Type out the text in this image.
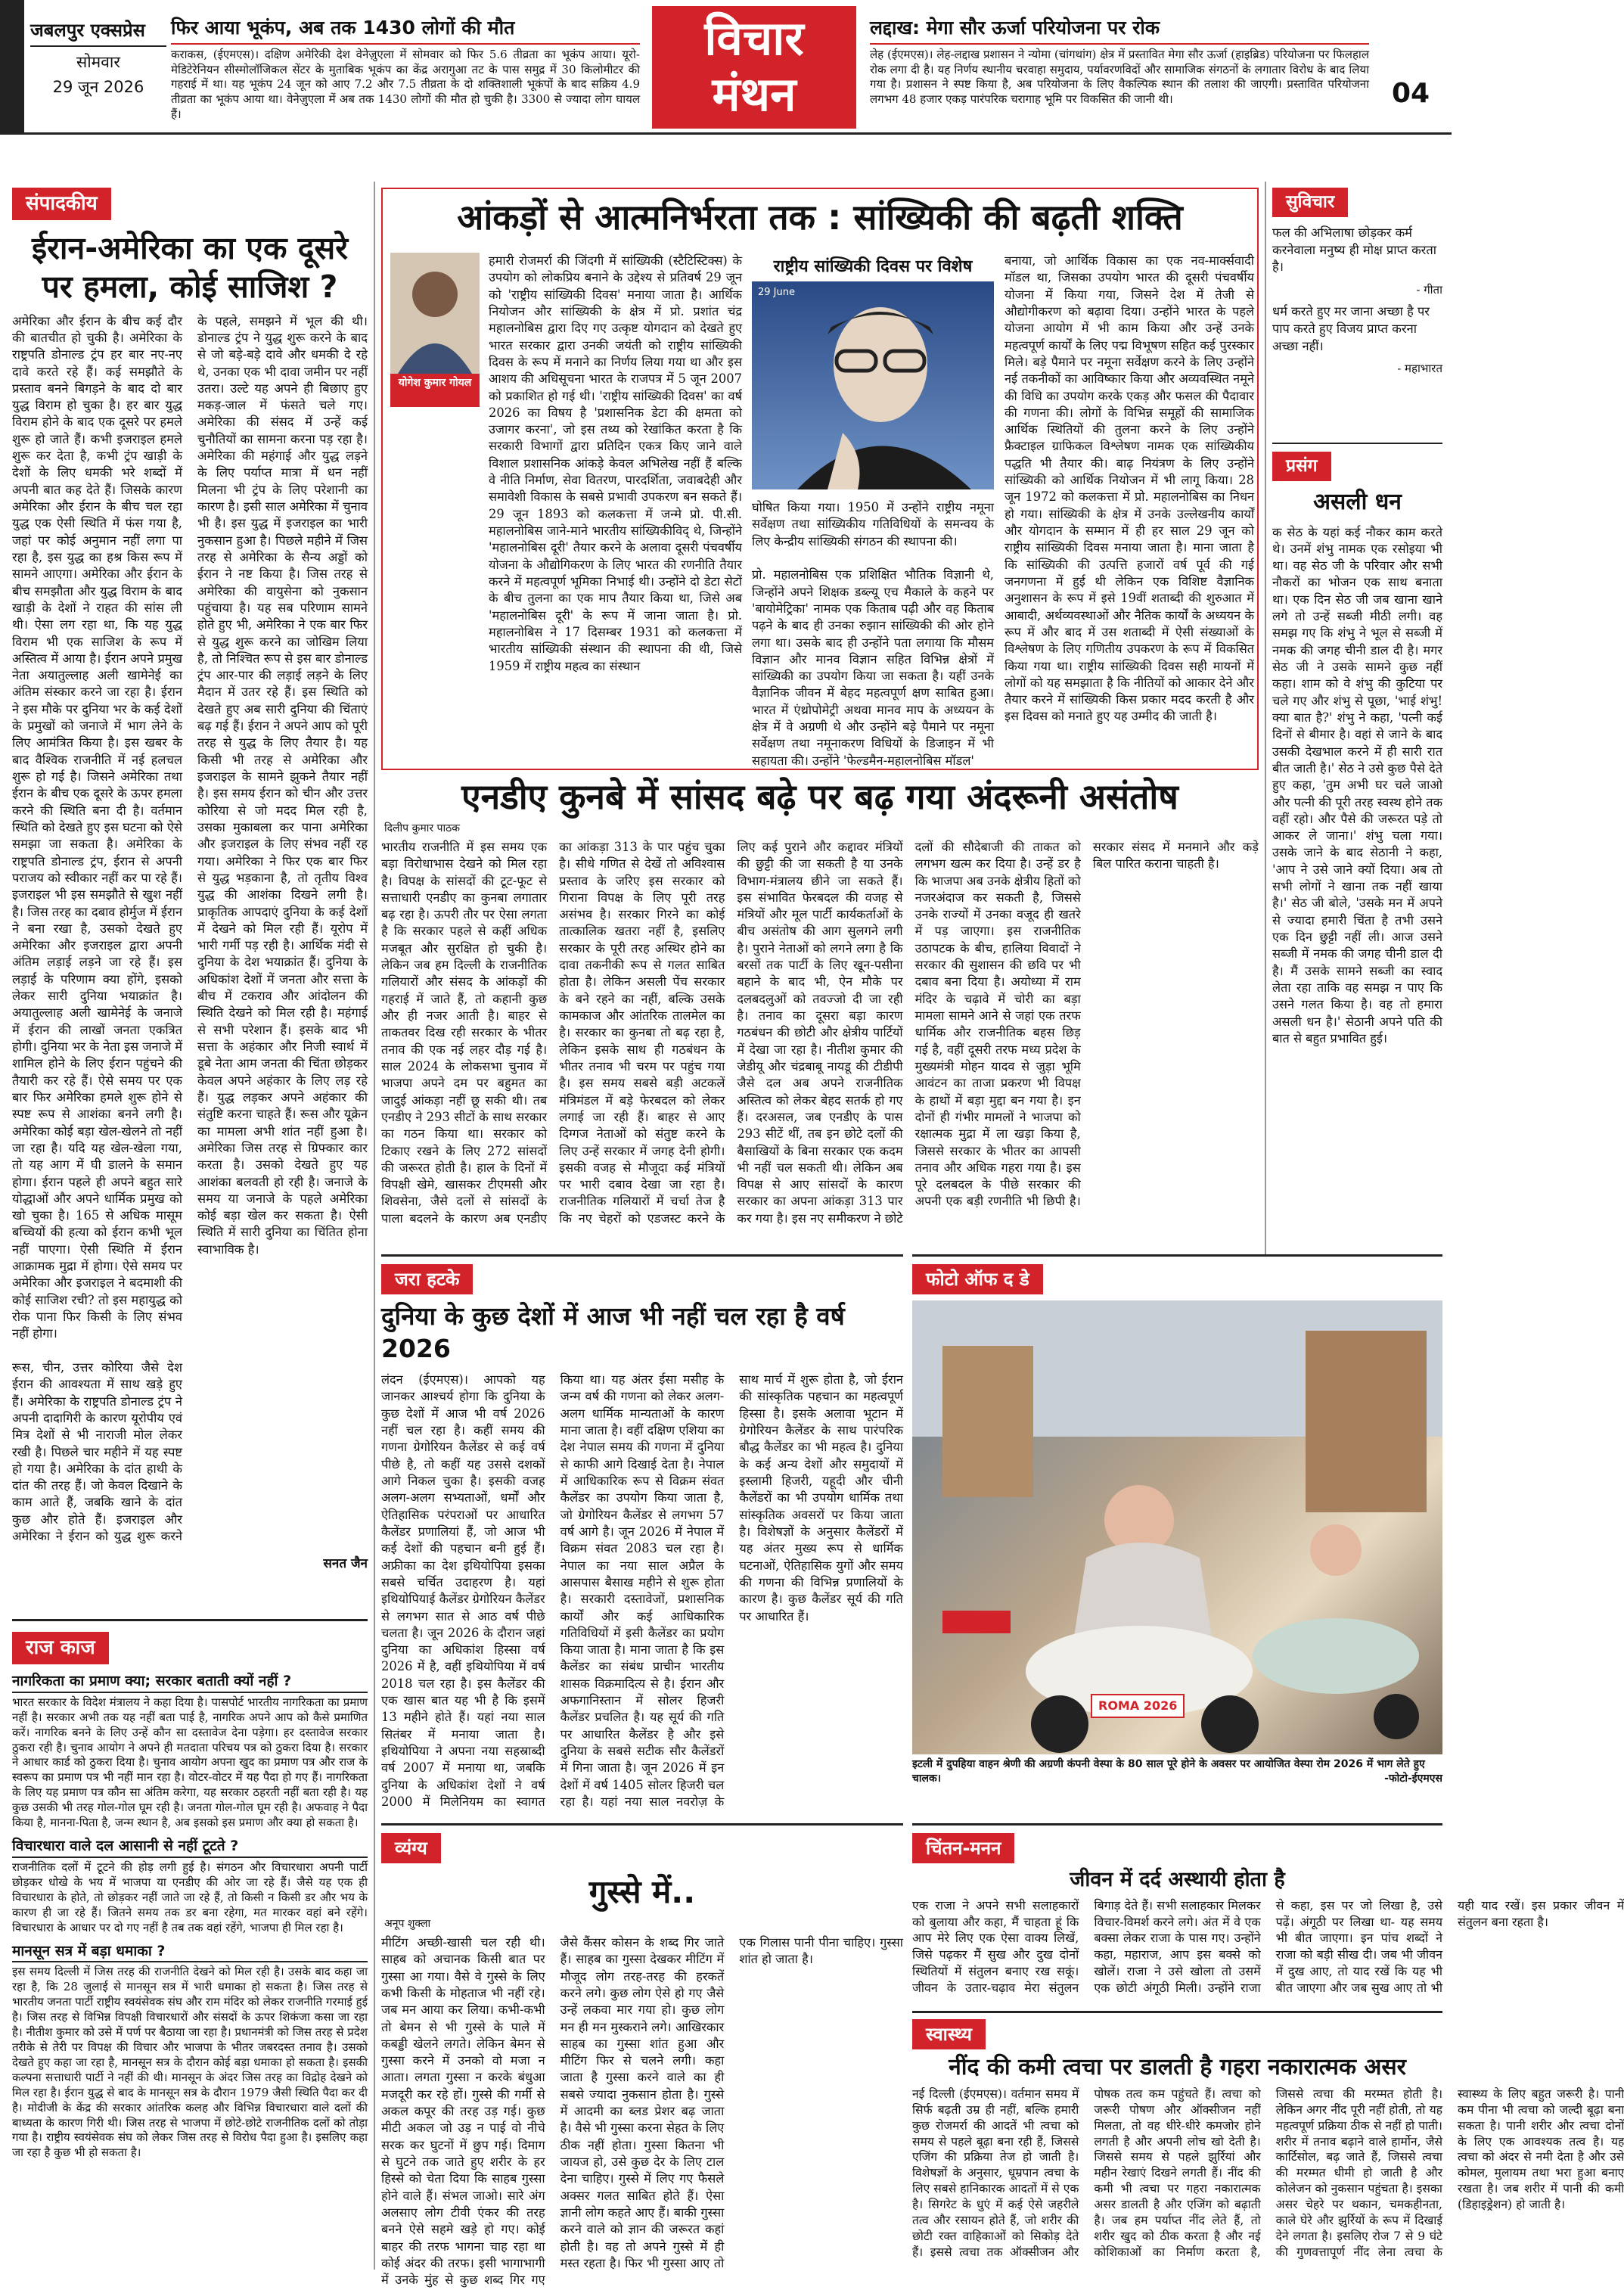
जबलपुर एक्सप्रेस
सोमवार
29 जून 2026
फिर आया भूकंप, अब तक 1430 लोगों की मौत
कराकस, (ईएमएस)। दक्षिण अमेरिकी देश वेनेज़ुएला में सोमवार को फिर 5.6 तीव्रता का भूकंप आया। यूरो-मेडिटेरेनियन सीस्मोलॉजिकल सेंटर के मुताबिक भूकंप का केंद्र अरागुआ तट के पास समुद्र में 30 किलोमीटर की गहराई में था। यह भूकंप 24 जून को आए 7.2 और 7.5 तीव्रता के दो शक्तिशाली भूकंपों के बाद सक्रिय 4.9 तीव्रता का भूकंप आया था। वेनेज़ुएला में अब तक 1430 लोगों की मौत हो चुकी है। 3300 से ज्यादा लोग घायल हैं।
विचार
मंथन
लद्दाख: मेगा सौर ऊर्जा परियोजना पर रोक
लेह (ईएमएस)। लेह-लद्दाख प्रशासन ने न्योमा (चांगथांग) क्षेत्र में प्रस्तावित मेगा सौर ऊर्जा (हाइब्रिड) परियोजना पर फिलहाल रोक लगा दी है। यह निर्णय स्थानीय चरवाहा समुदाय, पर्यावरणविदों और सामाजिक संगठनों के लगातार विरोध के बाद लिया गया है। प्रशासन ने स्पष्ट किया है, अब परियोजना के लिए वैकल्पिक स्थान की तलाश की जाएगी। प्रस्तावित परियोजना लगभग 48 हजार एकड़ पारंपरिक चरागाह भूमि पर विकसित की जानी थी।	04
संपादकीय
ईरान-अमेरिका का एक दूसरे पर हमला, कोई साजिश ?
अमेरिका और ईरान के बीच कई दौर की बातचीत हो चुकी है। अमेरिका के राष्ट्रपति डोनाल्ड ट्रंप हर बार नए-नए दावे करते रहे हैं। कई समझौते के प्रस्ताव बनने बिगड़ने के बाद दो बार युद्ध विराम हो चुका है। हर बार युद्ध विराम होने के बाद एक दूसरे पर हमले शुरू हो जाते हैं। कभी इजराइल हमले शुरू कर देता है, कभी ट्रंप खाड़ी के देशों के लिए धमकी भरे शब्दों में अपनी बात कह देते हैं। जिसके कारण अमेरिका और ईरान के बीच चल रहा युद्ध एक ऐसी स्थिति में फंस गया है, जहां पर कोई अनुमान नहीं लगा पा रहा है, इस युद्ध का हश्र किस रूप में सामने आएगा। अमेरिका और ईरान के बीच समझौता और युद्ध विराम के बाद खाड़ी के देशों ने राहत की सांस ली थी। ऐसा लग रहा था, कि यह युद्ध विराम भी एक साजिश के रूप में अस्तित्व में आया है। ईरान अपने प्रमुख नेता अयातुल्लाह अली खामेनेई का अंतिम संस्कार करने जा रहा है। ईरान ने इस मौके पर दुनिया भर के कई देशों के प्रमुखों को जनाजे में भाग लेने के लिए आमंत्रित किया है। इस खबर के बाद वैश्विक राजनीति में नई हलचल शुरू हो गई है। जिसने अमेरिका तथा ईरान के बीच एक दूसरे के ऊपर हमला करने की स्थिति बना दी है। वर्तमान स्थिति को देखते हुए इस घटना को ऐसे समझा जा सकता है। अमेरिका के राष्ट्रपति डोनाल्ड ट्रंप, ईरान से अपनी पराजय को स्वीकार नहीं कर पा रहे हैं। इजराइल भी इस समझौते से खुश नहीं है। जिस तरह का दबाव होर्मुज में ईरान ने बना रखा है, उसको देखते हुए अमेरिका और इजराइल द्वारा अपनी अंतिम लड़ाई लड़ने जा रहे हैं। इस लड़ाई के परिणाम क्या होंगे, इसको लेकर सारी दुनिया भयाक्रांत है। अयातुल्लाह अली खामेनेई के जनाजे में ईरान की लाखों जनता एकत्रित होगी। दुनिया भर के नेता इस जनाजे में शामिल होने के लिए ईरान पहुंचने की तैयारी कर रहे हैं। ऐसे समय पर एक बार फिर अमेरिका हमले शुरू होने से स्पष्ट रूप से आशंका बनने लगी है। अमेरिका कोई बड़ा खेल-खेलने तो नहीं जा रहा है। यदि यह खेल-खेला गया, तो यह आग में घी डालने के समान होगा। ईरान पहले ही अपने बहुत सारे योद्धाओं और अपने धार्मिक प्रमुख को खो चुका है। 165 से अधिक मासूम बच्चियों की हत्या को ईरान कभी भूल नहीं पाएगा। ऐसी स्थिति में ईरान आक्रामक मुद्रा में होगा। ऐसे समय पर अमेरिका और इजराइल ने बदमाशी की कोई साजिश रची? तो इस महायुद्ध को रोक पाना फिर किसी के लिए संभव नहीं होगा।

रूस, चीन, उत्तर कोरिया जैसे देश ईरान की आवश्यता में साथ खड़े हुए हैं। अमेरिका के राष्ट्रपति डोनाल्ड ट्रंप ने अपनी दादागिरी के कारण यूरोपीय एवं मित्र देशों से भी नाराजी मोल लेकर रखी है। पिछले चार महीने में यह स्पष्ट हो गया है। अमेरिका के दांत हाथी के दांत की तरह हैं। जो केवल दिखाने के काम आते हैं, जबकि खाने के दांत कुछ और होते हैं। इजराइल और अमेरिका ने ईरान को युद्ध शुरू करने के पहले, समझने में भूल की थी। डोनाल्ड ट्रंप ने युद्ध शुरू करने के बाद से जो बड़े-बड़े दावे और धमकी दे रहे थे, उनका एक भी दावा जमीन पर नहीं उतरा। उल्टे यह अपने ही बिछाए हुए मकड़-जाल में फंसते चले गए। अमेरिका की संसद में उन्हें कई चुनौतियों का सामना करना पड़ रहा है। अमेरिका की महंगाई और युद्ध लड़ने के लिए पर्याप्त मात्रा में धन नहीं मिलना भी ट्रंप के लिए परेशानी का कारण है। इसी साल अमेरिका में चुनाव भी है। इस युद्ध में इजराइल का भारी नुकसान हुआ है। पिछले महीने में जिस तरह से अमेरिका के सैन्य अड्डों को ईरान ने नष्ट किया है। जिस तरह से अमेरिका की वायुसेना को नुकसान पहुंचाया है। यह सब परिणाम सामने होते हुए भी, अमेरिका ने एक बार फिर से युद्ध शुरू करने का जोखिम लिया है, तो निश्चित रूप से इस बार डोनाल्ड ट्रंप आर-पार की लड़ाई लड़ने के लिए मैदान में उतर रहे हैं। इस स्थिति को देखते हुए अब सारी दुनिया की चिंताएं बढ़ गई हैं। ईरान ने अपने आप को पूरी तरह से युद्ध के लिए तैयार है। यह किसी भी तरह से अमेरिका और इजराइल के सामने झुकने तैयार नहीं है। इस समय ईरान को चीन और उत्तर कोरिया से जो मदद मिल रही है, उसका मुकाबला कर पाना अमेरिका और इजराइल के लिए संभव नहीं रह गया। अमेरिका ने फिर एक बार फिर से युद्ध भड़काना है, तो तृतीय विश्व युद्ध की आशंका दिखने लगी है। प्राकृतिक आपदाएं दुनिया के कई देशों में देखने को मिल रही हैं। यूरोप में भारी गर्मी पड़ रही है। आर्थिक मंदी से दुनिया के देश भयाक्रांत हैं। दुनिया के अधिकांश देशों में जनता और सत्ता के बीच में टकराव और आंदोलन की स्थिति देखने को मिल रही है। महंगाई से सभी परेशान हैं। इसके बाद भी सत्ता के अहंकार और निजी स्वार्थ में डूबे नेता आम जनता की चिंता छोड़कर केवल अपने अहंकार के लिए लड़ रहे हैं। युद्ध लड़कर अपने अहंकार की संतुष्टि करना चाहते हैं। रूस और यूक्रेन का मामला अभी शांत नहीं हुआ है। अमेरिका जिस तरह से ग्रिफ्कार कार करता है। उसको देखते हुए यह आशंका बलवती हो रही है। जनाजे के समय या जनाजे के पहले अमेरिका कोई बड़ा खेल कर सकता है। ऐसी स्थिति में सारी दुनिया का चिंतित होना स्वाभाविक है।
सनत जैन
राज काज
नागरिकता का प्रमाण क्या; सरकार बताती क्यों नहीं ?
भारत सरकार के विदेश मंत्रालय ने कहा दिया है। पासपोर्ट भारतीय नागरिकता का प्रमाण नहीं है। सरकार अभी तक यह नहीं बता पाई है, नागरिक अपने आप को कैसे प्रमाणित करें। नागरिक बनने के लिए उन्हें कौन सा दस्तावेज देना पड़ेगा। हर दस्तावेज सरकार ठुकरा रही है। चुनाव आयोग ने अपने ही मतदाता परिचय पत्र को ठुकरा दिया है। सरकार ने आधार कार्ड को ठुकरा दिया है। चुनाव आयोग अपना खुद का प्रमाण पत्र और राज के स्वरूप का प्रमाण पत्र भी नहीं मान रहा है। वोटर-वोटर में यह पैदा हो गए हैं। नागरिकता के लिए यह प्रमाण पत्र कौन सा अंतिम करेगा, यह सरकार ठहरती नहीं बता रही है। यह कुछ उसकी भी तरह गोल-गोल घूम रही है। जनता गोल-गोल घूम रही है। अफवाह ने पैदा किया है, मानना-पिता है, जन्म स्थान है, अब इसको इस प्रमाण और क्या हो सकता है।
विचारधारा वाले दल आसानी से नहीं टूटते ?
राजनीतिक दलों में टूटने की होड़ लगी हुई है। संगठन और विचारधारा अपनी पार्टी छोड़कर धोखे के भय में भाजपा या एनडीए की ओर जा रहे हैं। जैसे यह एक ही विचारधारा के होते, तो छोड़कर नहीं जाते जा रहे हैं, तो किसी न किसी डर और भय के कारण ही जा रहे हैं। जितने समय तक डर बना रहेगा, मत मारकर वहां बने रहेंगे। विचारधारा के आधार पर दो गए नहीं है तब तक वहां रहेंगे, भाजपा ही मिल रहा है।
मानसून सत्र में बड़ा धमाका ?
इस समय दिल्ली में जिस तरह की राजनीति देखने को मिल रही है। उसके बाद कहा जा रहा है, कि 28 जुलाई से मानसून सत्र में भारी धमाका हो सकता है। जिस तरह से भारतीय जनता पार्टी राष्ट्रीय स्वयंसेवक संघ और राम मंदिर को लेकर राजनीति गरमाई हुई है। जिस तरह से विभिन्न विपक्षी विचारधारों और संसदों के ऊपर शिकंजा कसा जा रहा है। नीतीश कुमार को उसे में पर्ण पर बैठाया जा रहा है। प्रधानमंत्री को जिस तरह से प्रदेश तरीके से तेरी पर विपक्ष की विचार और भाजपा के भीतर जबरदस्त तनाव है। उसको देखते हुए कहा जा रहा है, मानसून सत्र के दौरान कोई बड़ा धमाका हो सकता है। इसकी कल्पना सत्ताधारी पार्टी ने नहीं की थी। मानसून के अंदर जिस तरह का विद्रोह देखने को मिल रहा है। ईरान युद्ध से बाद के मानसून सत्र के दौरान 1979 जैसी स्थिति पैदा कर दी है। मोदीजी के केंद्र की सरकार आंतरिक कलह और विभिन्न विचारधारा वाले दलों की बाध्यता के कारण गिरी थी। जिस तरह से भाजपा में छोटे-छोटे राजनीतिक दलों को तोड़ा गया है। राष्ट्रीय स्वयंसेवक संघ को लेकर जिस तरह से विरोध पैदा हुआ है। इसलिए कहा जा रहा है कुछ भी हो सकता है।
आंकड़ों से आत्मनिर्भरता तक : सांख्यिकी की बढ़ती शक्ति
योगेश कुमार गोयल
हमारी रोजमर्रा की जिंदगी में सांख्यिकी (स्टैटिस्टिक्स) के उपयोग को लोकप्रिय बनाने के उद्देश्य से प्रतिवर्ष 29 जून को 'राष्ट्रीय सांख्यिकी दिवस' मनाया जाता है। आर्थिक नियोजन और सांख्यिकी के क्षेत्र में प्रो. प्रशांत चंद्र महालनोबिस द्वारा दिए गए उत्कृष्ट योगदान को देखते हुए भारत सरकार द्वारा उनकी जयंती को राष्ट्रीय सांख्यिकी दिवस के रूप में मनाने का निर्णय लिया गया था और इस आशय की अधिसूचना भारत के राजपत्र में 5 जून 2007 को प्रकाशित हो गई थी। 'राष्ट्रीय सांख्यिकी दिवस' का वर्ष 2026 का विषय है 'प्रशासनिक डेटा की क्षमता को उजागर करना', जो इस तथ्य को रेखांकित करता है कि सरकारी विभागों द्वारा प्रतिदिन एकत्र किए जाने वाले विशाल प्रशासनिक आंकड़े केवल अभिलेख नहीं हैं बल्कि वे नीति निर्माण, सेवा वितरण, पारदर्शिता, जवाबदेही और समावेशी विकास के सबसे प्रभावी उपकरण बन सकते हैं। 29 जून 1893 को कलकत्ता में जन्मे प्रो. पी.सी. महालनोबिस जाने-माने भारतीय सांख्यिकीविद् थे, जिन्होंने 'महालनोबिस दूरी' तैयार करने के अलावा दूसरी पंचवर्षीय योजना के औद्योगिकरण के लिए भारत की रणनीति तैयार करने में महत्वपूर्ण भूमिका निभाई थी। उन्होंने दो डेटा सेटों के बीच तुलना का एक माप तैयार किया था, जिसे अब 'महालनोबिस दूरी' के रूप में जाना जाता है। प्रो. महालनोबिस ने 17 दिसम्बर 1931 को कलकत्ता में भारतीय सांख्यिकी संस्थान की स्थापना की थी, जिसे 1959 में राष्ट्रीय महत्व का संस्थान
राष्ट्रीय सांख्यिकी दिवस पर विशेष
29 June
घोषित किया गया। 1950 में उन्होंने राष्ट्रीय नमूना सर्वेक्षण तथा सांख्यिकीय गतिविधियों के समन्वय के लिए केन्द्रीय सांख्यिकी संगठन की स्थापना की।

प्रो. महालनोबिस एक प्रशिक्षित भौतिक विज्ञानी थे, जिन्होंने अपने शिक्षक डब्ल्यू एच मैकाले के कहने पर 'बायोमेट्रिका' नामक एक किताब पढ़ी और वह किताब पढ़ने के बाद ही उनका रुझान सांख्यिकी की ओर होने लगा था। उसके बाद ही उन्होंने पता लगाया कि मौसम विज्ञान और मानव विज्ञान सहित विभिन्न क्षेत्रों में सांख्यिकी का उपयोग किया जा सकता है। यहीं उनके वैज्ञानिक जीवन में बेहद महत्वपूर्ण क्षण साबित हुआ। भारत में एंथ्रोपोमेट्री अथवा मानव माप के अध्ययन के क्षेत्र में वे अग्रणी थे और उन्होंने बड़े पैमाने पर नमूना सर्वेक्षण तथा नमूनाकरण विधियों के डिजाइन में भी सहायता की। उन्होंने 'फेल्डमैन-महालनोबिस मॉडल'
बनाया, जो आर्थिक विकास का एक नव-मार्क्सवादी मॉडल था, जिसका उपयोग भारत की दूसरी पंचवर्षीय योजना में किया गया, जिसने देश में तेजी से औद्योगीकरण को बढ़ावा दिया। उन्होंने भारत के पहले योजना आयोग में भी काम किया और उन्हें उनके महत्वपूर्ण कार्यों के लिए पद्म विभूषण सहित कई पुरस्कार मिले। बड़े पैमाने पर नमूना सर्वेक्षण करने के लिए उन्होंने नई तकनीकों का आविष्कार किया और अव्यवस्थित नमूने की विधि का उपयोग करके एकड़ और फसल की पैदावार की गणना की। लोगों के विभिन्न समूहों की सामाजिक आर्थिक स्थितियों की तुलना करने के लिए उन्होंने फ्रैक्टाइल ग्राफिकल विश्लेषण नामक एक सांख्यिकीय पद्धति भी तैयार की। बाढ़ नियंत्रण के लिए उन्होंने सांख्यिकी को आर्थिक नियोजन में भी लागू किया। 28 जून 1972 को कलकत्ता में प्रो. महालनोबिस का निधन हो गया। सांख्यिकी के क्षेत्र में उनके उल्लेखनीय कार्यों और योगदान के सम्मान में ही हर साल 29 जून को राष्ट्रीय सांख्यिकी दिवस मनाया जाता है। माना जाता है कि सांख्यिकी की उत्पत्ति हजारों वर्ष पूर्व की गई जनगणना में हुई थी लेकिन एक विशिष्ट वैज्ञानिक अनुशासन के रूप में इसे 19वीं शताब्दी की शुरुआत में आबादी, अर्थव्यवस्थाओं और नैतिक कार्यों के अध्ययन के रूप में और बाद में उस शताब्दी में ऐसी संख्याओं के विश्लेषण के लिए गणितीय उपकरण के रूप में विकसित किया गया था। राष्ट्रीय सांख्यिकी दिवस सही मायनों में लोगों को यह समझाता है कि नीतियों को आकार देने और तैयार करने में सांख्यिकी किस प्रकार मदद करती है और इस दिवस को मनाते हुए यह उम्मीद की जाती है।
एनडीए कुनबे में सांसद बढ़े पर बढ़ गया अंदरूनी असंतोष
दिलीप कुमार पाठक
भारतीय राजनीति में इस समय एक बड़ा विरोधाभास देखने को मिल रहा है। विपक्ष के सांसदों की टूट-फूट से सत्ताधारी एनडीए का कुनबा लगातार बढ़ रहा है। ऊपरी तौर पर ऐसा लगता है कि सरकार पहले से कहीं अधिक मजबूत और सुरक्षित हो चुकी है। लेकिन जब हम दिल्ली के राजनीतिक गलियारों और संसद के आंकड़ों की गहराई में जाते हैं, तो कहानी कुछ और ही नजर आती है। बाहर से ताकतवर दिख रही सरकार के भीतर तनाव की एक नई लहर दौड़ गई है। साल 2024 के लोकसभा चुनाव में भाजपा अपने दम पर बहुमत का जादुई आंकड़ा नहीं छू सकी थी। तब एनडीए ने 293 सीटों के साथ सरकार का गठन किया था। सरकार को टिकाए रखने के लिए 272 सांसदों की जरूरत होती है। हाल के दिनों में विपक्षी खेमे, खासकर टीएमसी और शिवसेना, जैसे दलों से सांसदों के पाला बदलने के कारण अब एनडीए का आंकड़ा 313 के पार पहुंच चुका है। सीधे गणित से देखें तो अविश्वास प्रस्ताव के जरिए इस सरकार को गिराना विपक्ष के लिए पूरी तरह असंभव है। सरकार गिरने का कोई तात्कालिक खतरा नहीं है, इसलिए सरकार के पूरी तरह अस्थिर होने का दावा तकनीकी रूप से गलत साबित होता है। लेकिन असली पेंच सरकार के बने रहने का नहीं, बल्कि उसके कामकाज और आंतरिक तालमेल का है। सरकार का कुनबा तो बढ़ रहा है, लेकिन इसके साथ ही गठबंधन के भीतर तनाव भी चरम पर पहुंच गया है। इस समय सबसे बड़ी अटकलें मंत्रिमंडल में बड़े फेरबदल को लेकर लगाई जा रही हैं। बाहर से आए दिग्गज नेताओं को संतुष्ट करने के लिए उन्हें सरकार में जगह देनी होगी। इसकी वजह से मौजूदा कई मंत्रियों पर भारी दबाव देखा जा रहा है। राजनीतिक गलियारों में चर्चा तेज है कि नए चेहरों को एडजस्ट करने के लिए कई पुराने और कद्दावर मंत्रियों की छुट्टी की जा सकती है या उनके विभाग-मंत्रालय छीने जा सकते हैं। इस संभावित फेरबदल की वजह से मंत्रियों और मूल पार्टी कार्यकर्ताओं के बीच असंतोष की आग सुलगने लगी है। पुराने नेताओं को लगने लगा है कि बरसों तक पार्टी के लिए खून-पसीना बहाने के बाद भी, ऐन मौके पर दलबदलुओं को तवज्जो दी जा रही है। तनाव का दूसरा बड़ा कारण गठबंधन की छोटी और क्षेत्रीय पार्टियों में देखा जा रहा है। नीतीश कुमार की जेडीयू और चंद्रबाबू नायडू की टीडीपी जैसे दल अब अपने राजनीतिक अस्तित्व को लेकर बेहद सतर्क हो गए हैं। दरअसल, जब एनडीए के पास 293 सीटें थीं, तब इन छोटे दलों की बैसाखियों के बिना सरकार एक कदम भी नहीं चल सकती थी। लेकिन अब विपक्ष से आए सांसदों के कारण सरकार का अपना आंकड़ा 313 पार कर गया है। इस नए समीकरण ने छोटे दलों की सौदेबाजी की ताकत को लगभग खत्म कर दिया है। उन्हें डर है कि भाजपा अब उनके क्षेत्रीय हितों को नजरअंदाज कर सकती है, जिससे उनके राज्यों में उनका वजूद ही खतरे में पड़ जाएगा। इस राजनीतिक उठापटक के बीच, हालिया विवादों ने सरकार की सुशासन की छवि पर भी दबाव बना दिया है। अयोध्या में राम मंदिर के चढ़ावे में चोरी का बड़ा मामला सामने आने से जहां एक तरफ धार्मिक और राजनीतिक बहस छिड़ गई है, वहीं दूसरी तरफ मध्य प्रदेश के मुख्यमंत्री मोहन यादव से जुड़ा भूमि आवंटन का ताजा प्रकरण भी विपक्ष के हाथों में बड़ा मुद्दा बन गया है। इन दोनों ही गंभीर मामलों ने भाजपा को रक्षात्मक मुद्रा में ला खड़ा किया है, जिससे सरकार के भीतर का आपसी तनाव और अधिक गहरा गया है। इस पूरे दलबदल के पीछे सरकार की अपनी एक बड़ी रणनीति भी छिपी है। सरकार संसद में मनमाने और कड़े बिल पारित कराना चाहती है।
सुविचार
फल की अभिलाषा छोड़कर कर्म करनेवाला मनुष्य ही मोक्ष प्राप्त करता है।
- गीता
धर्म करते हुए मर जाना अच्छा है पर पाप करते हुए विजय प्राप्त करना अच्छा नहीं।
- महाभारत
प्रसंग
असली धन
क सेठ के यहां कई नौकर काम करते थे। उनमें शंभु नामक एक रसोइया भी था। वह सेठ जी के परिवार और सभी नौकरों का भोजन एक साथ बनाता था। एक दिन सेठ जी जब खाना खाने लगे तो उन्हें सब्जी मीठी लगी। वह समझ गए कि शंभु ने भूल से सब्जी में नमक की जगह चीनी डाल दी है। मगर सेठ जी ने उसके सामने कुछ नहीं कहा। शाम को वे शंभु की कुटिया पर चले गए और शंभु से पूछा, 'भाई शंभु! क्या बात है?' शंभु ने कहा, 'पत्नी कई दिनों से बीमार है। वहां से जाने के बाद उसकी देखभाल करने में ही सारी रात बीत जाती है।' सेठ ने उसे कुछ पैसे देते हुए कहा, 'तुम अभी घर चले जाओ और पत्नी की पूरी तरह स्वस्थ होने तक वहीं रहो। और पैसे की जरूरत पड़े तो आकर ले जाना।' शंभु चला गया। उसके जाने के बाद सेठानी ने कहा, 'आप ने उसे जाने क्यों दिया। अब तो सभी लोगों ने खाना तक नहीं खाया है।' सेठ जी बोले, 'उसके मन में अपने से ज्यादा हमारी चिंता है तभी उसने एक दिन छुट्टी नहीं ली। आज उसने सब्जी में नमक की जगह चीनी डाल दी है। मैं उसके सामने सब्जी का स्वाद लेता रहा ताकि वह समझ न पाए कि उसने गलत किया है। वह तो हमारा असली धन है।' सेठानी अपने पति की बात से बहुत प्रभावित हुई।
जरा हटके
दुनिया के कुछ देशों में आज भी नहीं चल रहा है वर्ष 2026
लंदन (ईएमएस)। आपको यह जानकर आश्चर्य होगा कि दुनिया के कुछ देशों में आज भी वर्ष 2026 नहीं चल रहा है। कहीं समय की गणना ग्रेगोरियन कैलेंडर से कई वर्ष पीछे है, तो कहीं यह उससे दशकों आगे निकल चुका है। इसकी वजह अलग-अलग सभ्यताओं, धर्मों और ऐतिहासिक परंपराओं पर आधारित कैलेंडर प्रणालियां हैं, जो आज भी कई देशों की पहचान बनी हुई हैं। अफ्रीका का देश इथियोपिया इसका सबसे चर्चित उदाहरण है। यहां इथियोपियाई कैलेंडर ग्रेगोरियन कैलेंडर से लगभग सात से आठ वर्ष पीछे चलता है। जून 2026 के दौरान जहां दुनिया का अधिकांश हिस्सा वर्ष 2026 में है, वहीं इथियोपिया में वर्ष 2018 चल रहा है। इस कैलेंडर की एक खास बात यह भी है कि इसमें 13 महीने होते हैं। यहां नया साल सितंबर में मनाया जाता है। इथियोपिया ने अपना नया सहस्राब्दी वर्ष 2007 में मनाया था, जबकि दुनिया के अधिकांश देशों ने वर्ष 2000 में मिलेनियम का स्वागत किया था। यह अंतर ईसा मसीह के जन्म वर्ष की गणना को लेकर अलग-अलग धार्मिक मान्यताओं के कारण माना जाता है। वहीं दक्षिण एशिया का देश नेपाल समय की गणना में दुनिया से काफी आगे दिखाई देता है। नेपाल में आधिकारिक रूप से विक्रम संवत कैलेंडर का उपयोग किया जाता है, जो ग्रेगोरियन कैलेंडर से लगभग 57 वर्ष आगे है। जून 2026 में नेपाल में विक्रम संवत 2083 चल रहा है। नेपाल का नया साल अप्रैल के आसपास बैसाख महीने से शुरू होता है। सरकारी दस्तावेजों, प्रशासनिक कार्यों और कई आधिकारिक गतिविधियों में इसी कैलेंडर का प्रयोग किया जाता है। माना जाता है कि इस कैलेंडर का संबंध प्राचीन भारतीय शासक विक्रमादित्य से है। ईरान और अफगानिस्तान में सोलर हिजरी कैलेंडर प्रचलित है। यह सूर्य की गति पर आधारित कैलेंडर है और इसे दुनिया के सबसे सटीक सौर कैलेंडरों में गिना जाता है। जून 2026 में इन देशों में वर्ष 1405 सोलर हिजरी चल रहा है। यहां नया साल नवरोज़ के साथ मार्च में शुरू होता है, जो ईरान की सांस्कृतिक पहचान का महत्वपूर्ण हिस्सा है। इसके अलावा भूटान में ग्रेगोरियन कैलेंडर के साथ पारंपरिक बौद्ध कैलेंडर का भी महत्व है। दुनिया के कई अन्य देशों और समुदायों में इस्लामी हिजरी, यहूदी और चीनी कैलेंडरों का भी उपयोग धार्मिक तथा सांस्कृतिक अवसरों पर किया जाता है। विशेषज्ञों के अनुसार कैलेंडरों में यह अंतर मुख्य रूप से धार्मिक घटनाओं, ऐतिहासिक युगों और समय की गणना की विभिन्न प्रणालियों के कारण है। कुछ कैलेंडर सूर्य की गति पर आधारित हैं।
फोटो ऑफ द डे
ROMA 2026
इटली में दुपहिया वाहन श्रेणी की अग्रणी कंपनी वेस्पा के 80 साल पूरे होने के अवसर पर आयोजित वेस्पा रोम 2026 में भाग लेते हुए चालक।	-फोटो-ईएमएस
व्यंग्य
गुस्से में..
अनूप शुक्ला
मीटिंग अच्छी-खासी चल रही थी। साहब को अचानक किसी बात पर गुस्सा आ गया। वैसे वे गुस्से के लिए कभी किसी के मोहताज भी नहीं रहे। जब मन आया कर लिया। कभी-कभी तो बेमन से भी गुस्से के पाले में कबड्डी खेलने लगते। लेकिन बेमन से गुस्सा करने में उनको वो मजा न आता। लगता गुस्सा न करके बंधुआ मजदूरी कर रहे हों। गुस्से की गर्मी से अकल कपूर की तरह उड़ गई। कुछ मीटी अकल जो उड़ न पाई वो नीचे सरक कर घुटनों में छुप गई। दिमाग से घुटने तक जाते हुए शरीर के हर हिस्से को चेता दिया कि साहब गुस्सा होने वाले हैं। संभल जाओ। सारे अंग अलसाए लोग टीवी एंकर की तरह बनने ऐसे सहमे खड़े हो गए। कोई बाहर की तरफ भागना चाह रहा था कोई अंदर की तरफ। इसी भागाभागी में उनके मुंह से कुछ शब्द गिर गए जैसे कैंसर कोसन के शब्द गिर जाते हैं। साहब का गुस्सा देखकर मीटिंग में मौजूद लोग तरह-तरह की हरकतें करने लगे। कुछ लोग ऐसे हो गए जैसे उन्हें लकवा मार गया हो। कुछ लोग मन ही मन मुस्कराने लगे। आखिरकार साहब का गुस्सा शांत हुआ और मीटिंग फिर से चलने लगी। कहा जाता है गुस्सा करने वाले का ही सबसे ज्यादा नुकसान होता है। गुस्से में आदमी का ब्लड प्रेशर बढ़ जाता है। वैसे भी गुस्सा करना सेहत के लिए ठीक नहीं होता। गुस्सा कितना भी जायज हो, उसे कुछ देर के लिए टाल देना चाहिए। गुस्से में लिए गए फैसले अक्सर गलत साबित होते हैं। ऐसा ज्ञानी लोग कहते आए हैं। बाकी गुस्सा करने वाले को ज्ञान की जरूरत कहां होती है। वह तो अपने गुस्से में ही मस्त रहता है। फिर भी गुस्सा आए तो एक गिलास पानी पीना चाहिए। गुस्सा शांत हो जाता है।
चिंतन-मनन
जीवन में दर्द अस्थायी होता है
एक राजा ने अपने सभी सलाहकारों को बुलाया और कहा, मैं चाहता हूं कि आप मेरे लिए एक ऐसा वाक्य लिखें, जिसे पढ़कर मैं सुख और दुख दोनों स्थितियों में संतुलन बनाए रख सकूं। जीवन के उतार-चढ़ाव मेरा संतुलन बिगाड़ देते हैं। सभी सलाहकार मिलकर विचार-विमर्श करने लगे। अंत में वे एक बक्सा लेकर राजा के पास गए। उन्होंने कहा, महाराज, आप इस बक्से को खोलें। राजा ने उसे खोला तो उसमें एक छोटी अंगूठी मिली। उन्होंने राजा से कहा, इस पर जो लिखा है, उसे पढ़ें। अंगूठी पर लिखा था- यह समय भी बीत जाएगा। इन पांच शब्दों ने राजा को बड़ी सीख दी। जब भी जीवन में दुख आए, तो याद रखें कि यह भी बीत जाएगा और जब सुख आए तो भी यही याद रखें। इस प्रकार जीवन में संतुलन बना रहता है।
स्वास्थ्य
नींद की कमी त्वचा पर डालती है गहरा नकारात्मक असर
नई दिल्ली (ईएमएस)। वर्तमान समय में सिर्फ बढ़ती उम्र ही नहीं, बल्कि हमारी कुछ रोजमर्रा की आदतें भी त्वचा को समय से पहले बूढ़ा बना रही हैं, जिससे एजिंग की प्रक्रिया तेज हो जाती है। विशेषज्ञों के अनुसार, धूम्रपान त्वचा के लिए सबसे हानिकारक आदतों में से एक है। सिगरेट के धुएं में कई ऐसे जहरीले तत्व और रसायन होते हैं, जो शरीर की छोटी रक्त वाहिकाओं को सिकोड़ देते हैं। इससे त्वचा तक ऑक्सीजन और पोषक तत्व कम पहुंचते हैं। त्वचा को जरूरी पोषण और ऑक्सीजन नहीं मिलता, तो वह धीरे-धीरे कमजोर होने लगती है और अपनी लोच खो देती है। जिससे समय से पहले झुर्रियां और महीन रेखाएं दिखने लगती हैं। नींद की कमी भी त्वचा पर गहरा नकारात्मक असर डालती है और एजिंग को बढ़ाती है। जब हम पर्याप्त नींद लेते हैं, तो शरीर खुद को ठीक करता है और नई कोशिकाओं का निर्माण करता है, जिससे त्वचा की मरम्मत होती है। लेकिन अगर नींद पूरी नहीं होती, तो यह महत्वपूर्ण प्रक्रिया ठीक से नहीं हो पाती। शरीर में तनाव बढ़ाने वाले हार्मोन, जैसे कार्टिसोल, बढ़ जाते हैं, जिससे त्वचा की मरम्मत धीमी हो जाती है और कोलेजन को नुकसान पहुंचता है। इसका असर चेहरे पर थकान, चमकहीनता, काले घेरे और झुर्रियों के रूप में दिखाई देने लगता है। इसलिए रोज 7 से 9 घंटे की गुणवत्तापूर्ण नींद लेना त्वचा के स्वास्थ्य के लिए बहुत जरूरी है। पानी कम पीना भी त्वचा को जल्दी बूढ़ा बना सकता है। पानी शरीर और त्वचा दोनों के लिए एक आवश्यक तत्व है। यह त्वचा को अंदर से नमी देता है और उसे कोमल, मुलायम तथा भरा हुआ बनाए रखता है। जब शरीर में पानी की कमी (डिहाइड्रेशन) हो जाती है।
